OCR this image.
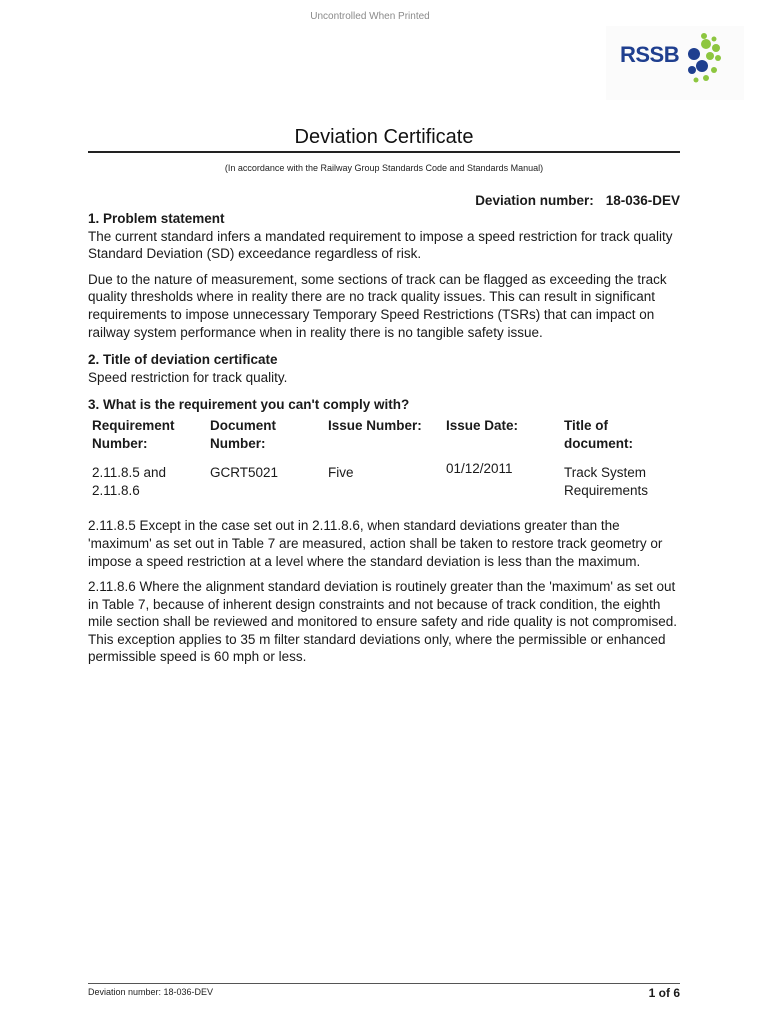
Uncontrolled When Printed
RSSB
Deviation Certificate
(In accordance with the Railway Group Standards Code and Standards Manual)
Deviation number: 18-036-DEV
1. Problem statement

The current standard infers a mandated requirement to impose a speed restriction for track quality Standard Deviation (SD) exceedance regardless of risk.

Due to the nature of measurement, some sections of track can be flagged as exceeding the track quality thresholds where in reality there are no track quality issues. This can result in significant requirements to impose unnecessary Temporary Speed Restrictions (TSRs) that can impact on railway system performance when in reality there is no tangible safety issue.

2. Title of deviation certificate

Speed restriction for track quality.

3. What is the requirement you can't comply with?
Requirement Number:	Document Number:	Issue Number:	Issue Date:	Title of document:
2.11.8.5 and 2.11.8.6	GCRT5021	Five	01/12/2011	Track System Requirements

2.11.8.5 Except in the case set out in 2.11.8.6, when standard deviations greater than the 'maximum' as set out in Table 7 are measured, action shall be taken to restore track geometry or impose a speed restriction at a level where the standard deviation is less than the maximum.

2.11.8.6 Where the alignment standard deviation is routinely greater than the 'maximum' as set out in Table 7, because of inherent design constraints and not because of track condition, the eighth mile section shall be reviewed and monitored to ensure safety and ride quality is not compromised. This exception applies to 35 m filter standard deviations only, where the permissible or enhanced permissible speed is 60 mph or less.

Deviation number: 18-036-DEV	1 of 6
